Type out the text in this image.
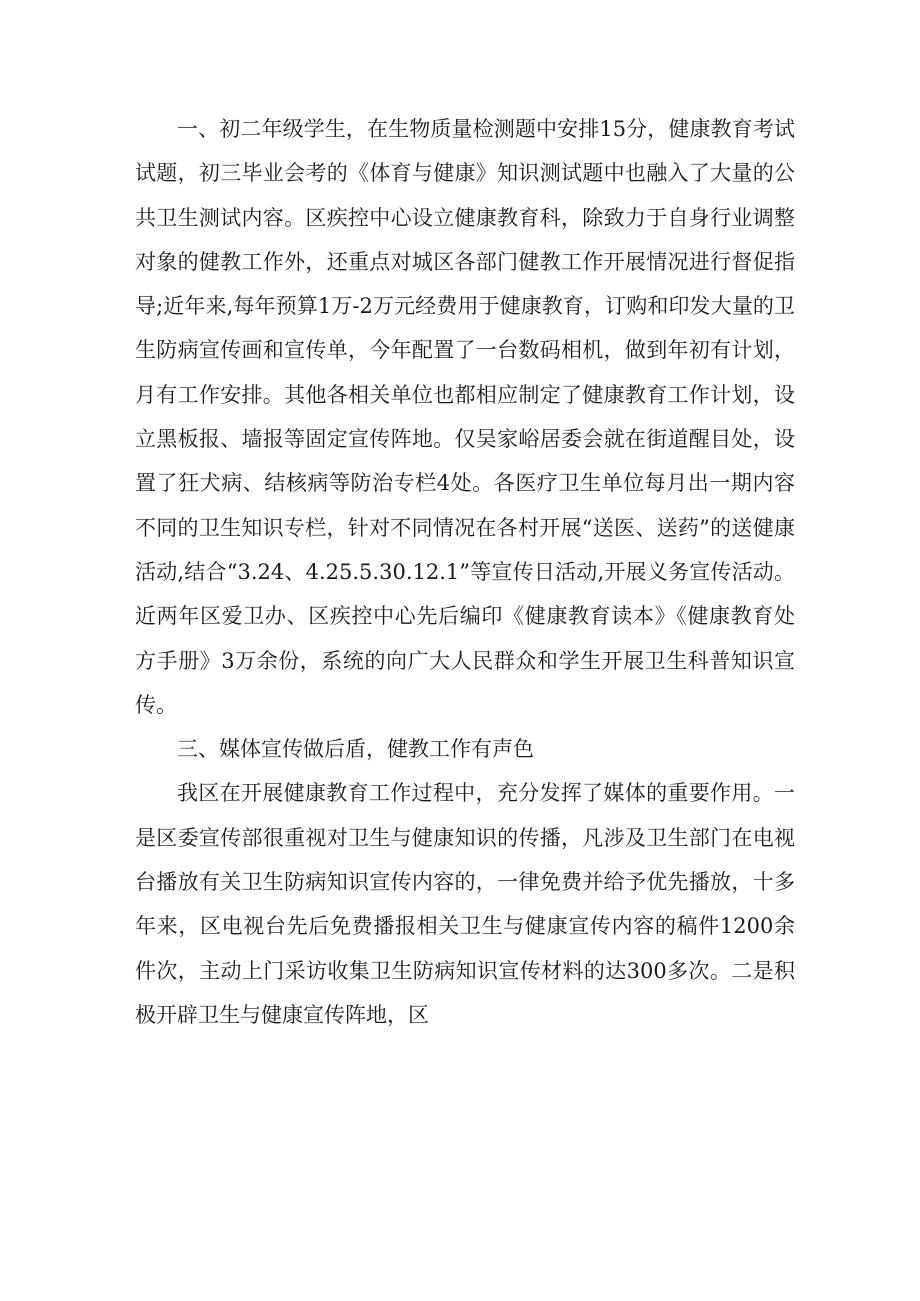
一、初二年级学生，在生物质量检测题中安排15分，健康教育考试试题，初三毕业会考的《体育与健康》知识测试题中也融入了大量的公共卫生测试内容。区疾控中心设立健康教育科，除致力于自身行业调整对象的健教工作外，还重点对城区各部门健教工作开展情况进行督促指导;近年来,每年预算1万-2万元经费用于健康教育，订购和印发大量的卫生防病宣传画和宣传单，今年配置了一台数码相机，做到年初有计划，月有工作安排。其他各相关单位也都相应制定了健康教育工作计划，设立黑板报、墙报等固定宣传阵地。仅吴家峪居委会就在街道醒目处，设置了狂犬病、结核病等防治专栏4处。各医疗卫生单位每月出一期内容不同的卫生知识专栏，针对不同情况在各村开展“送医、送药”的送健康活动,结合“3.24、4.25.5.30.12.1”等宣传日活动,开展义务宣传活动。近两年区爱卫办、区疾控中心先后编印《健康教育读本》《健康教育处方手册》3万余份，系统的向广大人民群众和学生开展卫生科普知识宣传。

三、媒体宣传做后盾，健教工作有声色

我区在开展健康教育工作过程中，充分发挥了媒体的重要作用。一是区委宣传部很重视对卫生与健康知识的传播，凡涉及卫生部门在电视台播放有关卫生防病知识宣传内容的，一律免费并给予优先播放，十多年来，区电视台先后免费播报相关卫生与健康宣传内容的稿件1200余件次，主动上门采访收集卫生防病知识宣传材料的达300多次。二是积极开辟卫生与健康宣传阵地，区
